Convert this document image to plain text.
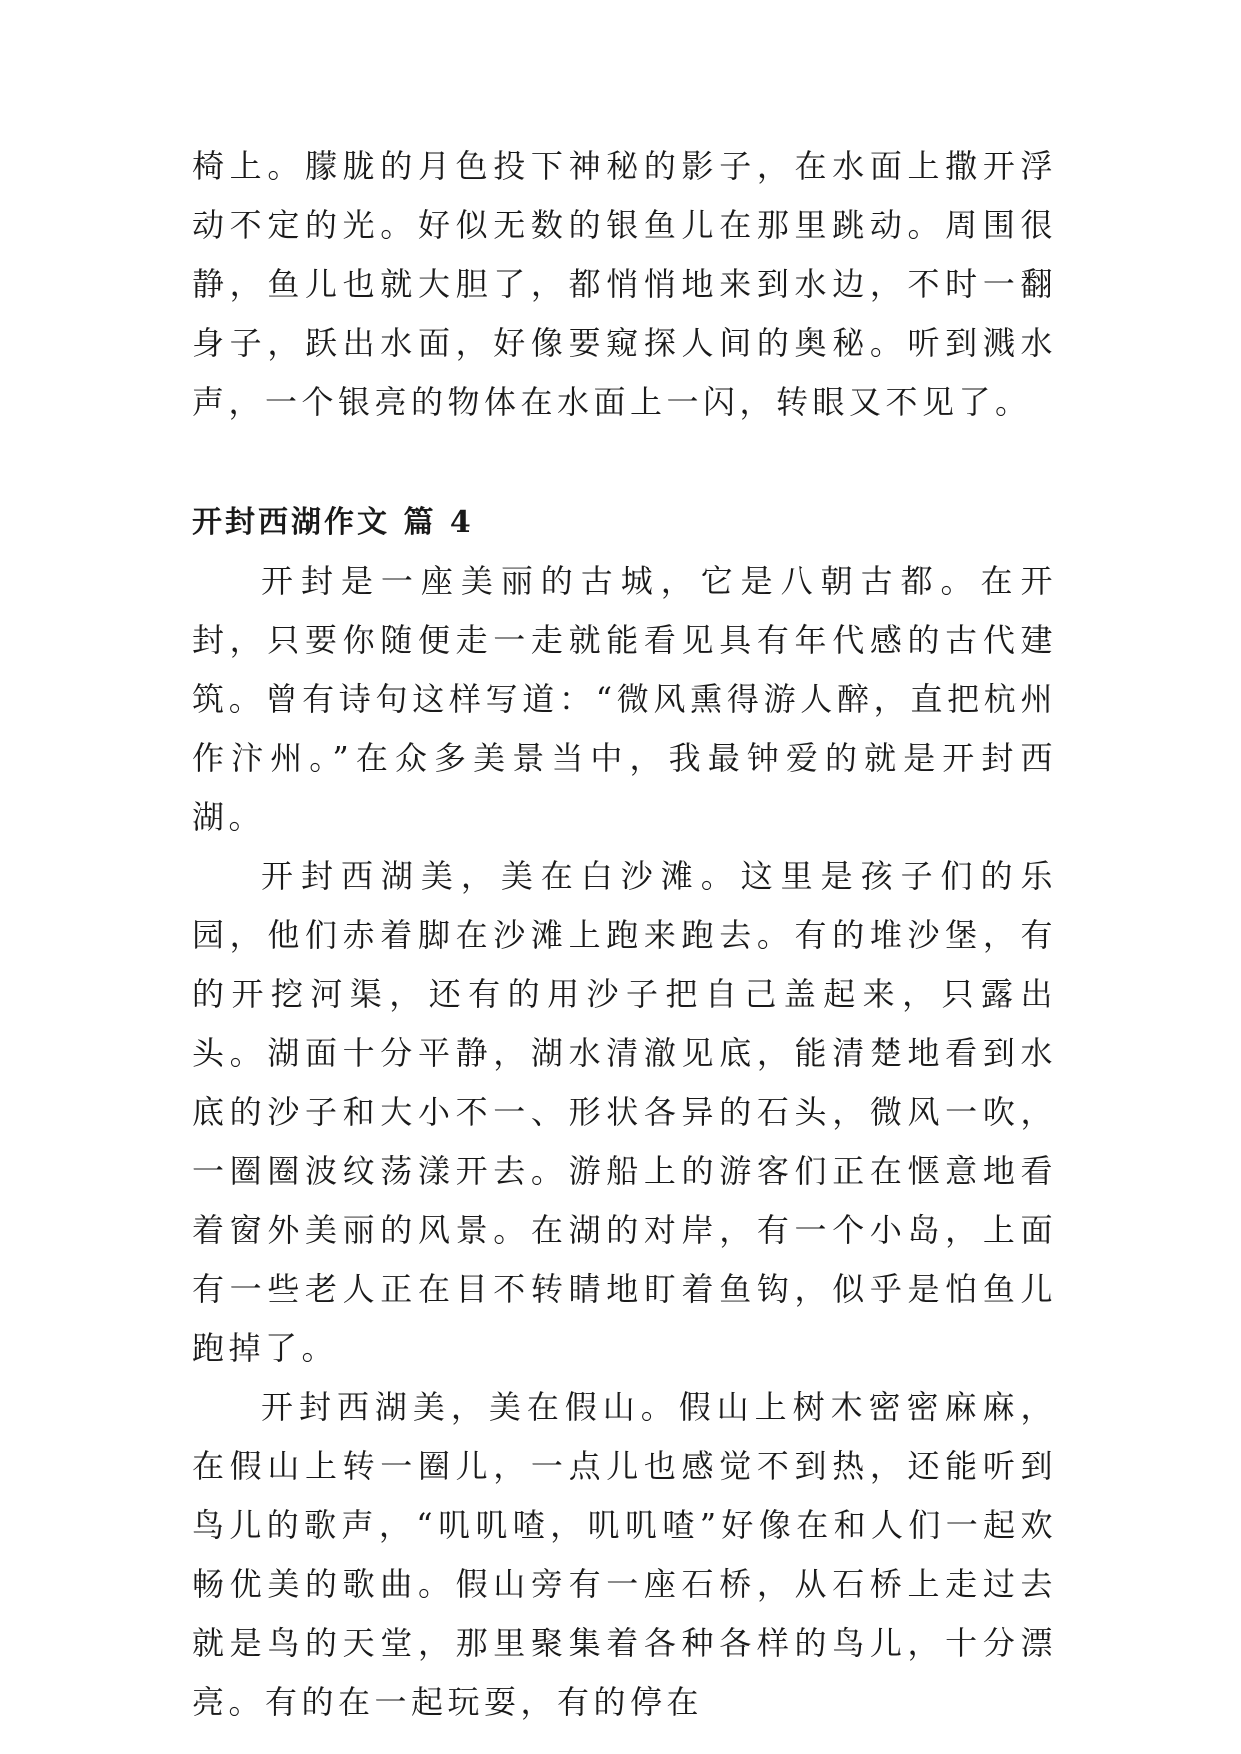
椅上。朦胧的月色投下神秘的影子，在水面上撒开浮动不定的光。好似无数的银鱼儿在那里跳动。周围很静，鱼儿也就大胆了，都悄悄地来到水边，不时一翻身子，跃出水面，好像要窥探人间的奥秘。听到溅水声，一个银亮的物体在水面上一闪，转眼又不见了。

开封西湖作文 篇 4

开封是一座美丽的古城，它是八朝古都。在开封，只要你随便走一走就能看见具有年代感的古代建筑。曾有诗句这样写道：“微风熏得游人醉，直把杭州作汴州。”在众多美景当中，我最钟爱的就是开封西湖。

开封西湖美，美在白沙滩。这里是孩子们的乐园，他们赤着脚在沙滩上跑来跑去。有的堆沙堡，有的开挖河渠，还有的用沙子把自己盖起来，只露出头。湖面十分平静，湖水清澈见底，能清楚地看到水底的沙子和大小不一、形状各异的石头，微风一吹，一圈圈波纹荡漾开去。游船上的游客们正在惬意地看着窗外美丽的风景。在湖的对岸，有一个小岛，上面有一些老人正在目不转睛地盯着鱼钩，似乎是怕鱼儿跑掉了。

开封西湖美，美在假山。假山上树木密密麻麻，在假山上转一圈儿，一点儿也感觉不到热，还能听到鸟儿的歌声，“叽叽喳，叽叽喳”好像在和人们一起欢畅优美的歌曲。假山旁有一座石桥，从石桥上走过去就是鸟的天堂，那里聚集着各种各样的鸟儿，十分漂亮。有的在一起玩耍，有的停在
